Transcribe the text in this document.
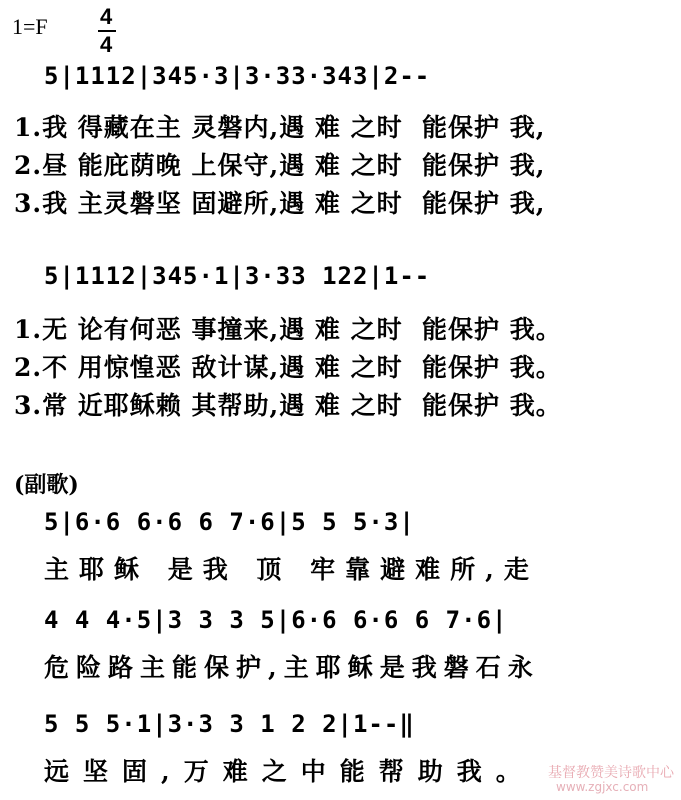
1=F 4
4
5|1112|345·3|3·33·343|2--
1.我 得藏在主 灵磐内,遇 难 之时  能保护 我,
2.昼 能庇荫晚 上保守,遇 难 之时  能保护 我,
3.我 主灵磐坚 固避所,遇 难 之时  能保护 我,
5|1112|345·1|3·33 122|1--
1.无 论有何恶 事撞来,遇 难 之时  能保护 我。
2.不 用惊惶恶 敌计谋,遇 难 之时  能保护 我。
3.常 近耶稣赖 其帮助,遇 难 之时  能保护 我。
(副歌)
5|6·6 6·6 6 7·6|5 5 5·3|
主耶稣 是我 顶 牢靠避难所,走
4 4 4·5|3 3 3 5|6·6 6·6 6 7·6|
危险路主能保护,主耶稣是我磐石永
5 5 5·1|3·3 3 1 2 2|1--‖
远坚固,万难之中能帮助我。 基督教赞美诗歌中心
www.zgjxc.com
